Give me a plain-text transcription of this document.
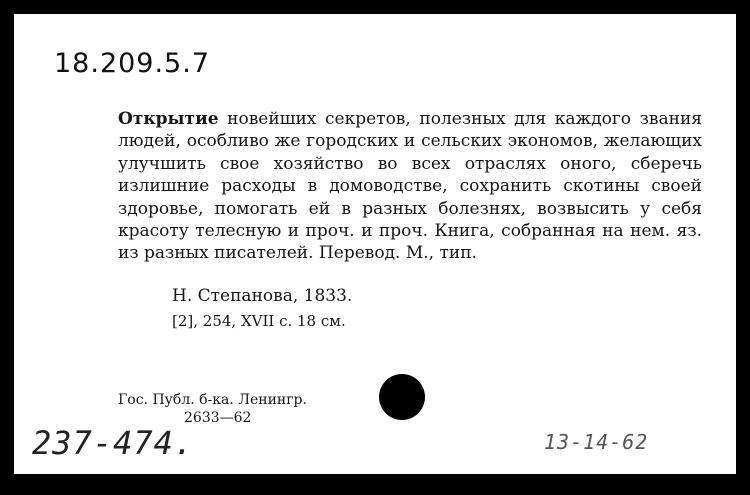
18.209.5.7
Открытие новейших секретов, полезных для каждого звания людей, особливо же городских и сельских экономов, желающих улучшить свое хозяйство во всех отраслях оного, сберечь излишние расходы в домоводстве, сохранить скотины своей здоровье, помогать ей в разных болезнях, возвысить у себя красоту телесную и проч. и проч. Книга, собранная на нем. яз. из разных писателей. Перевод. М., тип.
Н. Степанова, 1833.
[2], 254, XVII с. 18 см.
Гос. Публ. б-ка. Ленингр.
2633—62
237-474.	13-14-62
